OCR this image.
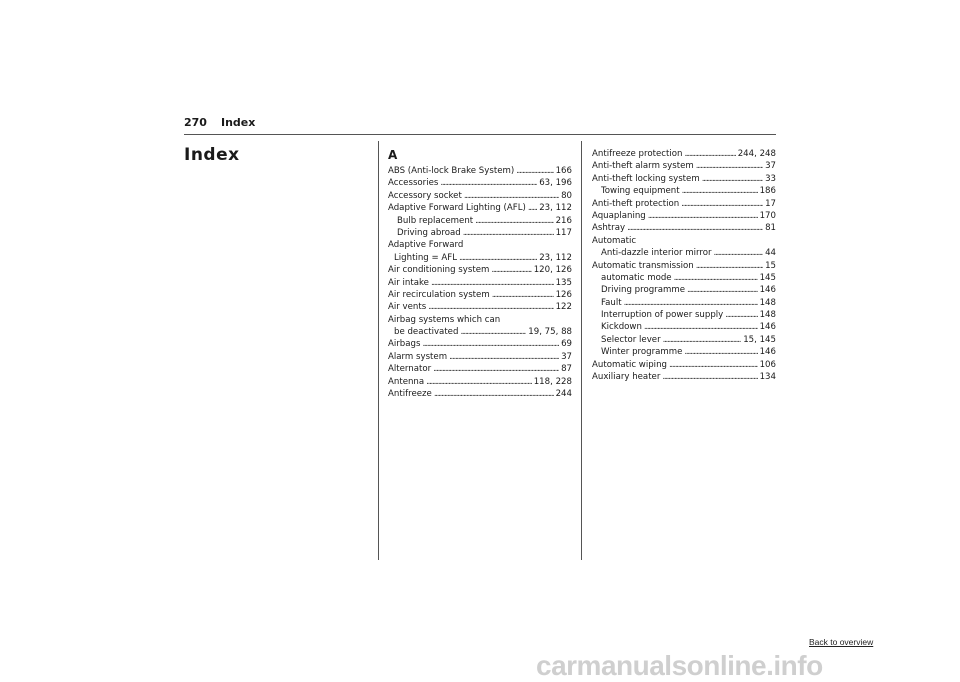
270 Index
Index	A
ABS (Anti-lock Brake System) . . .	166
Accessories . . .	63, 196
Accessory socket . . .	80
Adaptive Forward Lighting (AFL) . . . 23, 112
Bulb replacement . . .	216
Driving abroad . . .	117
Adaptive Forward
Lighting = AFL . . .	23, 112
Air conditioning system . . .	120, 126
Air intake . . .	135
Air recirculation system . . .	126
Air vents . . .	122
Airbag systems which can
be deactivated . . .	19, 75, 88
Airbags . . .	69
Alarm system . . .	37
Alternator . . .	87
Antenna . . .	118, 228
Antifreeze . . .	244
Antifreeze protection . . .	244, 248
Anti-theft alarm system . . .	37
Anti-theft locking system . . .	33
Towing equipment . . .	186
Anti-theft protection . . .	17
Aquaplaning . . .	170
Ashtray . . .	81
Automatic
Anti-dazzle interior mirror . . .	44
Automatic transmission . . .	15
automatic mode . . .	145
Driving programme . . .	146
Fault . . .	148
Interruption of power supply . . .	148
Kickdown . . .	146
Selector lever . . .	15, 145
Winter programme . . .	146
Automatic wiping . . .	106
Auxiliary heater . . .	134
Back to overview
carmanualsonline.info
